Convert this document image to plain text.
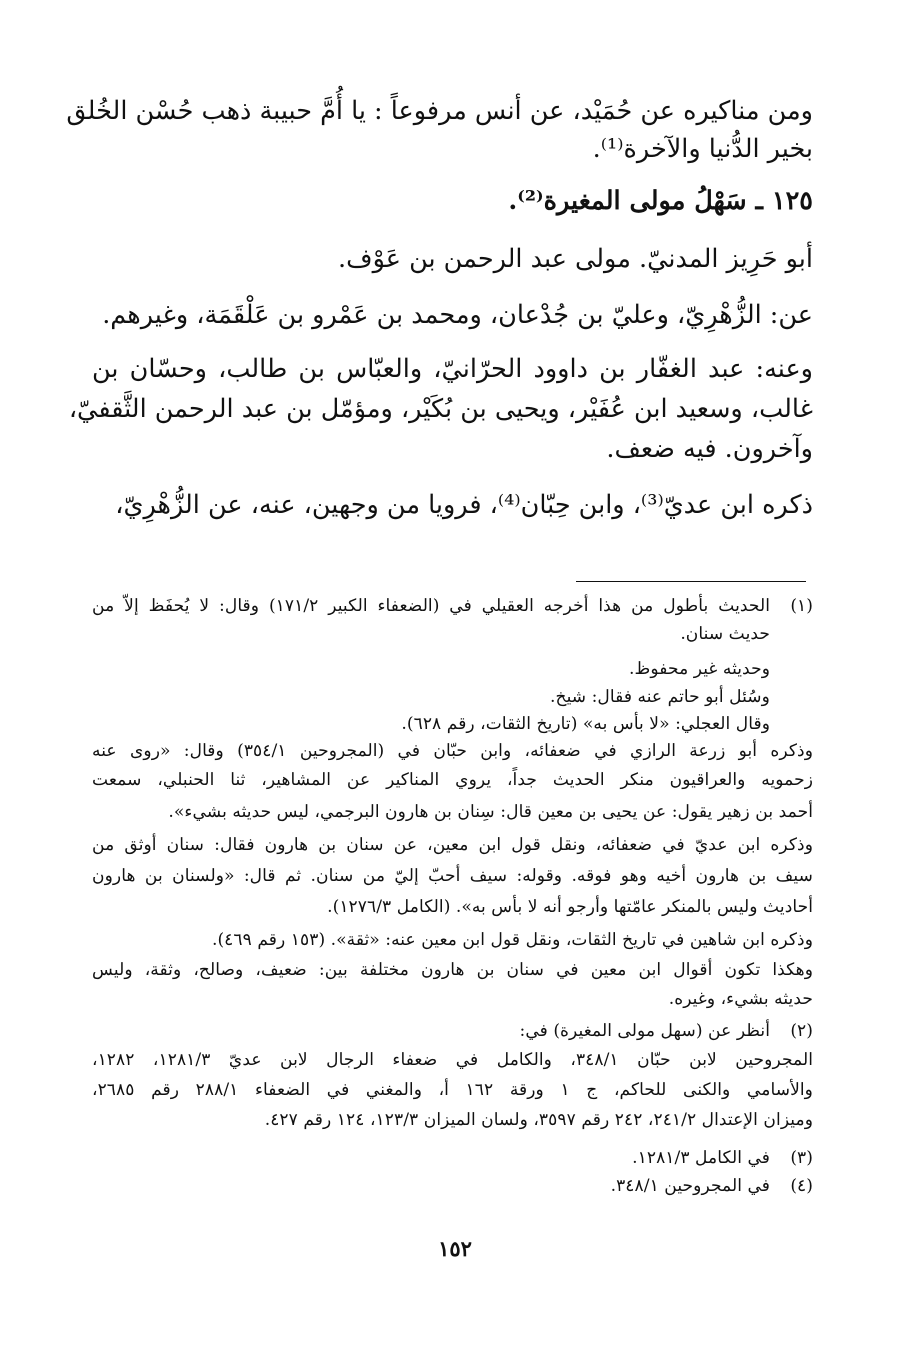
ومن مناكيره عن حُمَيْد، عن أنس مرفوعاً : يا أُمَّ حبيبة ذهب حُسْن الخُلق
بخير الدُّنيا والآخرة⁽¹⁾.
١٢٥ ـ سَهْلُ مولى المغيرة⁽²⁾.
أبو حَرِيز المدنيّ. مولى عبد الرحمن بن عَوْف.
عن: الزُّهْرِيّ، وعليّ بن جُدْعان، ومحمد بن عَمْرو بن عَلْقَمَة، وغيرهم.
وعنه: عبد الغفّار بن داوود الحرّانيّ، والعبّاس بن طالب، وحسّان بن
غالب، وسعيد ابن عُفَيْر، ويحيى بن بُكَيْر، ومؤمّل بن عبد الرحمن الثَّقفيّ،
وآخرون. فيه ضعف.
ذكره ابن عديّ⁽³⁾، وابن حِبّان⁽⁴⁾، فرويا من وجهين، عنه، عن الزُّهْرِيّ،
(١)
(٢)
(٣)
(٤)
الحديث بأطول من هذا أخرجه العقيلي في (الضعفاء الكبير ١٧١/٢) وقال: لا يُحفَظ إلاّ من
حديث سنان.
وحديثه غير محفوظ.
وسُئل أبو حاتم عنه فقال: شيخ.
وقال العجلي: «لا بأس به» (تاريخ الثقات، رقم ٦٢٨).
وذكره أبو زرعة الرازي في ضعفائه، وابن حبّان في (المجروحين ٣٥٤/١) وقال: «روى عنه
زحمويه والعراقيون منكر الحديث جداً، يروي المناكير عن المشاهير، ثنا الحنبلي، سمعت
أحمد بن زهير يقول: عن يحيى بن معين قال: سِنان بن هارون البرجمي، ليس حديثه بشيء».
وذكره ابن عديّ في ضعفائه، ونقل قول ابن معين، عن سنان بن هارون فقال: سنان أوثق من
سيف بن هارون أخيه وهو فوقه. وقوله: سيف أحبّ إليّ من سنان. ثم قال: «ولسنان بن هارون
أحاديث وليس بالمنكر عامّتها وأرجو أنه لا بأس به». (الكامل ١٢٧٦/٣).
وذكره ابن شاهين في تاريخ الثقات، ونقل قول ابن معين عنه: «ثقة». (١٥٣ رقم ٤٦٩).
وهكذا تكون أقوال ابن معين في سنان بن هارون مختلفة بين: ضعيف، وصالح، وثقة، وليس
حديثه بشيء، وغيره.
أنظر عن (سهل مولى المغيرة) في:
المجروحين لابن حبّان ٣٤٨/١، والكامل في ضعفاء الرجال لابن عديّ ١٢٨١/٣، ١٢٨٢،
والأسامي والكنى للحاكم، ج ١ ورقة ١٦٢ أ، والمغني في الضعفاء ٢٨٨/١ رقم ٢٦٨٥،
وميزان الإعتدال ٢٤١/٢، ٢٤٢ رقم ٣٥٩٧، ولسان الميزان ١٢٣/٣، ١٢٤ رقم ٤٢٧.
في الكامل ١٢٨١/٣.
في المجروحين ٣٤٨/١.
١٥٢
